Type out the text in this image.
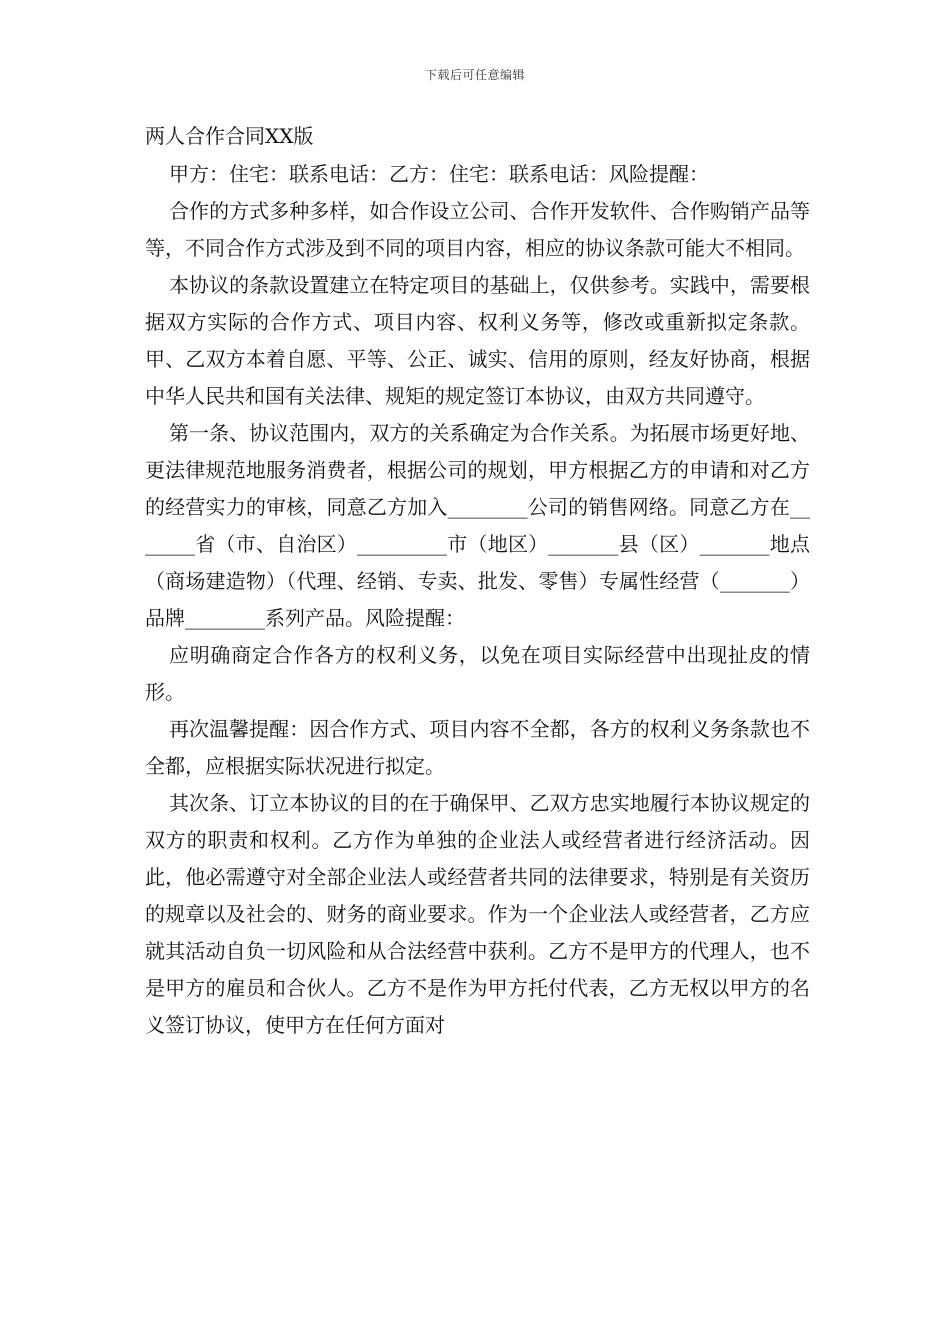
下载后可任意编辑
两人合作合同XX版

甲方：住宅：联系电话：乙方：住宅：联系电话：风险提醒：

合作的方式多种多样，如合作设立公司、合作开发软件、合作购销产品等等，不同合作方式涉及到不同的项目内容，相应的协议条款可能大不相同。

本协议的条款设置建立在特定项目的基础上，仅供参考。实践中，需要根据双方实际的合作方式、项目内容、权利义务等，修改或重新拟定条款。 甲、乙双方本着自愿、平等、公正、诚实、信用的原则，经友好协商，根据中华人民共和国有关法律、规矩的规定签订本协议，由双方共同遵守。

第一条、协议范围内，双方的关系确定为合作关系。为拓展市场更好地、更法律规范地服务消费者，根据公司的规划，甲方根据乙方的申请和对乙方的经营实力的审核，同意乙方加入________公司的销售网络。同意乙方在_______省（市、自治区）_________市（地区）_______县（区）_______地点（商场建造物）（代理、经销、专卖、批发、零售）专属性经营（_______）品牌________系列产品。风险提醒：

应明确商定合作各方的权利义务，以免在项目实际经营中出现扯皮的情形。

再次温馨提醒：因合作方式、项目内容不全都，各方的权利义务条款也不全都，应根据实际状况进行拟定。

其次条、订立本协议的目的在于确保甲、乙双方忠实地履行本协议规定的双方的职责和权利。乙方作为单独的企业法人或经营者进行经济活动。因此，他必需遵守对全部企业法人或经营者共同的法律要求，特别是有关资历的规章以及社会的、财务的商业要求。作为一个企业法人或经营者，乙方应就其活动自负一切风险和从合法经营中获利。乙方不是甲方的代理人，也不是甲方的雇员和合伙人。乙方不是作为甲方托付代表，乙方无权以甲方的名义签订协议，使甲方在任何方面对
